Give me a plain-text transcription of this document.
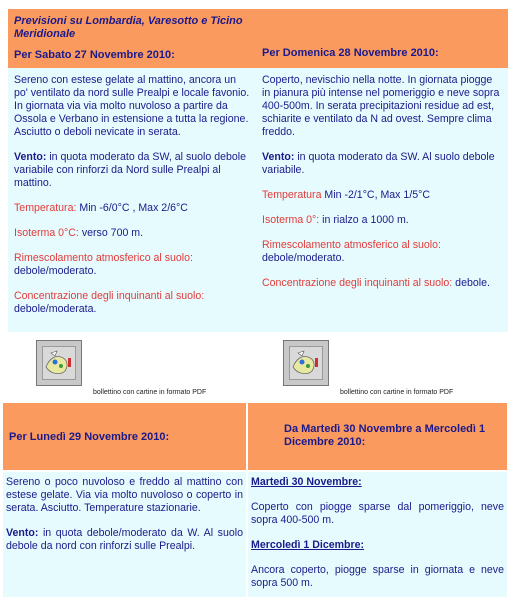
Previsioni su Lombardia, Varesotto e Ticino Meridionale

Per Sabato 27 Novembre 2010:	Per Domenica 28 Novembre 2010:

Sereno con estese gelate al mattino, ancora un po' ventilato da nord sulle Prealpi e locale favonio. In giornata via via molto nuvoloso a partire da Ossola e Verbano in estensione a tutta la regione. Asciutto o deboli nevicate in serata.

Vento: in quota moderato da SW, al suolo debole variabile con rinforzi da Nord sulle Prealpi al mattino.

Temperatura: Min -6/0°C , Max 2/6°C

Isoterma 0°C: verso 700 m.

Rimescolamento atmosferico al suolo:

debole/moderato.

Concentrazione degli inquinanti al suolo:

debole/moderata.

Coperto, nevischio nella notte. In giornata piogge in pianura più intense nel pomeriggio e neve sopra 400-500m. In serata precipitazioni residue ad est, schiarite e ventilato da N ad ovest. Sempre clima freddo.

Vento: in quota moderato da SW. Al suolo debole variabile.

Temperatura Min -2/1°C, Max 1/5°C

Isoterma 0°: in rialzo a 1000 m.

Rimescolamento atmosferico al suolo:

debole/moderato.

Concentrazione degli inquinanti al suolo: debole.

bollettino con cartine in formato PDF	bollettino con cartine in formato PDF

Per Lunedì 29 Novembre 2010:

Da Martedì 30 Novembre a Mercoledì 1 Dicembre 2010:

Sereno o poco nuvoloso e freddo al mattino con estese gelate. Via via molto nuvoloso o coperto in serata. Asciutto. Temperature stazionarie.

Vento: in quota debole/moderato da W. Al suolo debole da nord con rinforzi sulle Prealpi.

Martedì 30 Novembre:

Coperto con piogge sparse dal pomeriggio, neve sopra 400-500 m.

Mercoledì 1 Dicembre:

Ancora coperto, piogge sparse in giornata e neve sopra 500 m.
